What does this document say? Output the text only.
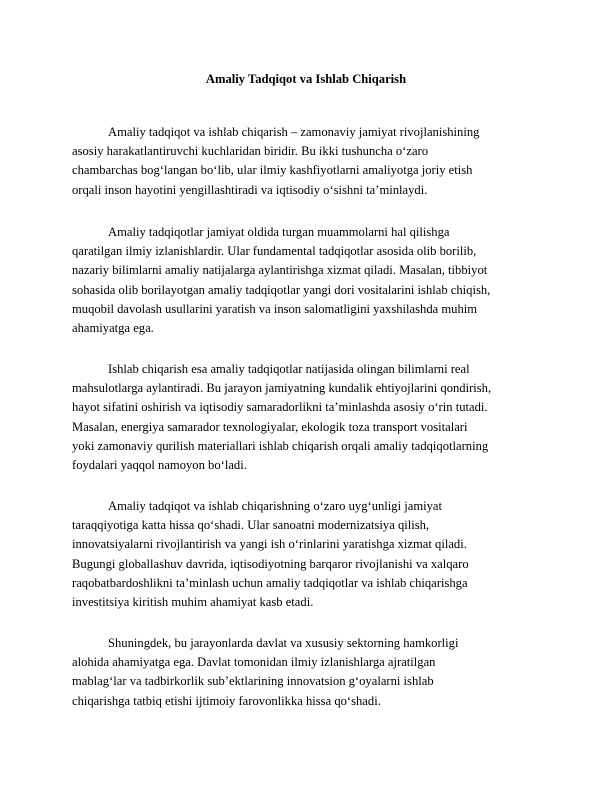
Amaliy Tadqiqot va Ishlab Chiqarish

Amaliy tadqiqot va ishlab chiqarish – zamonaviy jamiyat rivojlanishining
asosiy harakatlantiruvchi kuchlaridan biridir. Bu ikki tushuncha o‘zaro
chambarchas bog‘langan bo‘lib, ular ilmiy kashfiyotlarni amaliyotga joriy etish
orqali inson hayotini yengillashtiradi va iqtisodiy o‘sishni ta’minlaydi.

Amaliy tadqiqotlar jamiyat oldida turgan muammolarni hal qilishga
qaratilgan ilmiy izlanishlardir. Ular fundamental tadqiqotlar asosida olib borilib,
nazariy bilimlarni amaliy natijalarga aylantirishga xizmat qiladi. Masalan, tibbiyot
sohasida olib borilayotgan amaliy tadqiqotlar yangi dori vositalarini ishlab chiqish,
muqobil davolash usullarini yaratish va inson salomatligini yaxshilashda muhim
ahamiyatga ega.

Ishlab chiqarish esa amaliy tadqiqotlar natijasida olingan bilimlarni real
mahsulotlarga aylantiradi. Bu jarayon jamiyatning kundalik ehtiyojlarini qondirish,
hayot sifatini oshirish va iqtisodiy samaradorlikni ta’minlashda asosiy o‘rin tutadi.
Masalan, energiya samarador texnologiyalar, ekologik toza transport vositalari
yoki zamonaviy qurilish materiallari ishlab chiqarish orqali amaliy tadqiqotlarning
foydalari yaqqol namoyon bo‘ladi.

Amaliy tadqiqot va ishlab chiqarishning o‘zaro uyg‘unligi jamiyat
taraqqiyotiga katta hissa qo‘shadi. Ular sanoatni modernizatsiya qilish,
innovatsiyalarni rivojlantirish va yangi ish o‘rinlarini yaratishga xizmat qiladi.
Bugungi globallashuv davrida, iqtisodiyotning barqaror rivojlanishi va xalqaro
raqobatbardoshlikni ta’minlash uchun amaliy tadqiqotlar va ishlab chiqarishga
investitsiya kiritish muhim ahamiyat kasb etadi.

Shuningdek, bu jarayonlarda davlat va xususiy sektorning hamkorligi
alohida ahamiyatga ega. Davlat tomonidan ilmiy izlanishlarga ajratilgan
mablag‘lar va tadbirkorlik sub’ektlarining innovatsion g‘oyalarni ishlab
chiqarishga tatbiq etishi ijtimoiy farovonlikka hissa qo‘shadi.
